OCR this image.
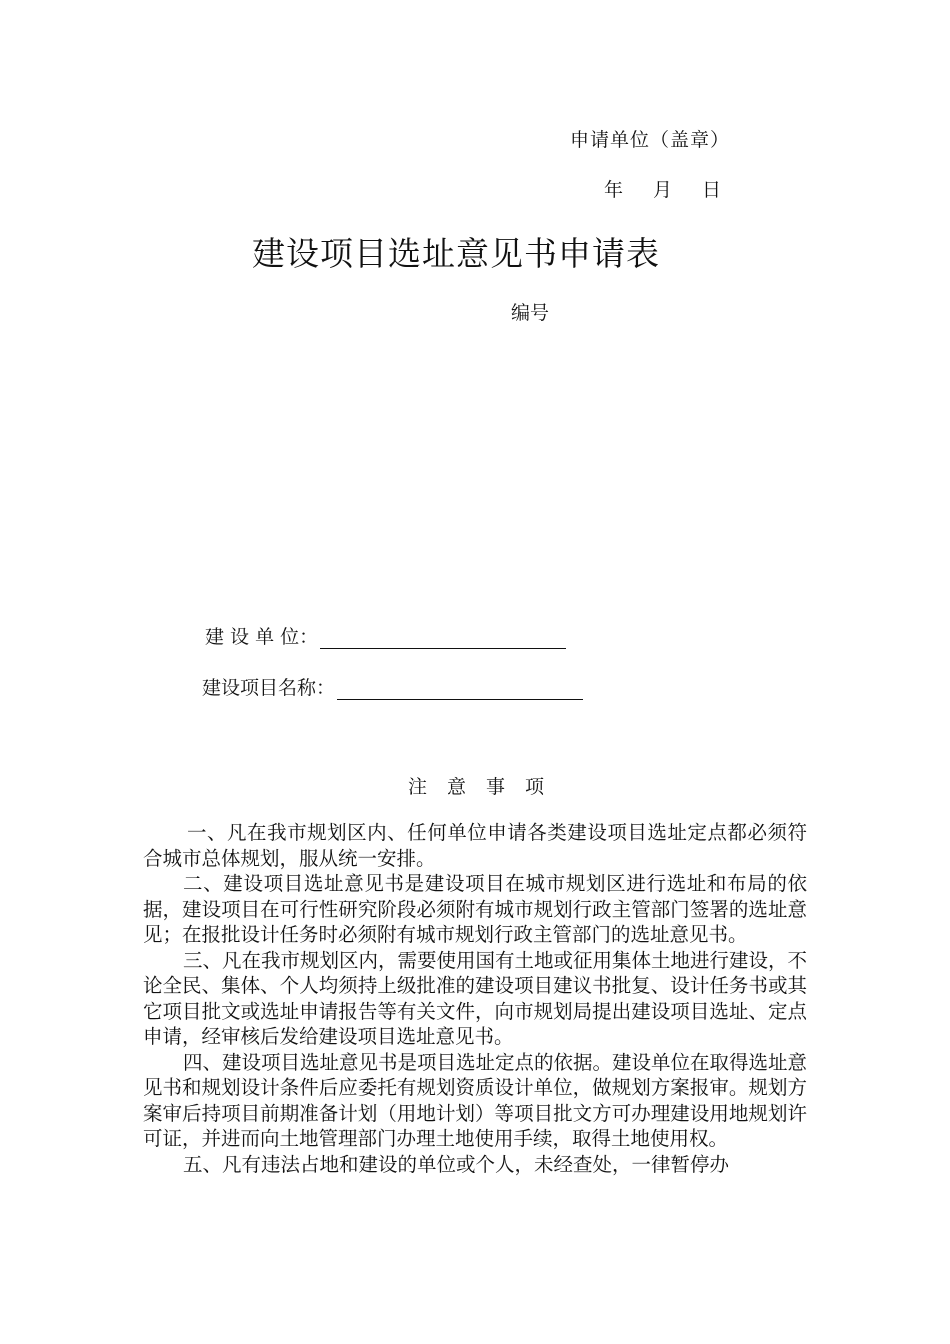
申请单位（盖章）
年 月 日
建设项目选址意见书申请表
编号
建 设 单 位：
建设项目名称：
注意事项

一、凡在我市规划区内、任何单位申请各类建设项目选址定点都必须符合城市总体规划，服从统一安排。

二、建设项目选址意见书是建设项目在城市规划区进行选址和布局的依据，建设项目在可行性研究阶段必须附有城市规划行政主管部门签署的选址意见；在报批设计任务时必须附有城市规划行政主管部门的选址意见书。

三、凡在我市规划区内，需要使用国有土地或征用集体土地进行建设，不论全民、集体、个人均须持上级批准的建设项目建议书批复、设计任务书或其它项目批文或选址申请报告等有关文件，向市规划局提出建设项目选址、定点申请，经审核后发给建设项目选址意见书。

四、建设项目选址意见书是项目选址定点的依据。建设单位在取得选址意见书和规划设计条件后应委托有规划资质设计单位，做规划方案报审。规划方案审后持项目前期准备计划（用地计划）等项目批文方可办理建设用地规划许可证，并进而向土地管理部门办理土地使用手续，取得土地使用权。

五、凡有违法占地和建设的单位或个人，未经查处，一律暂停办
